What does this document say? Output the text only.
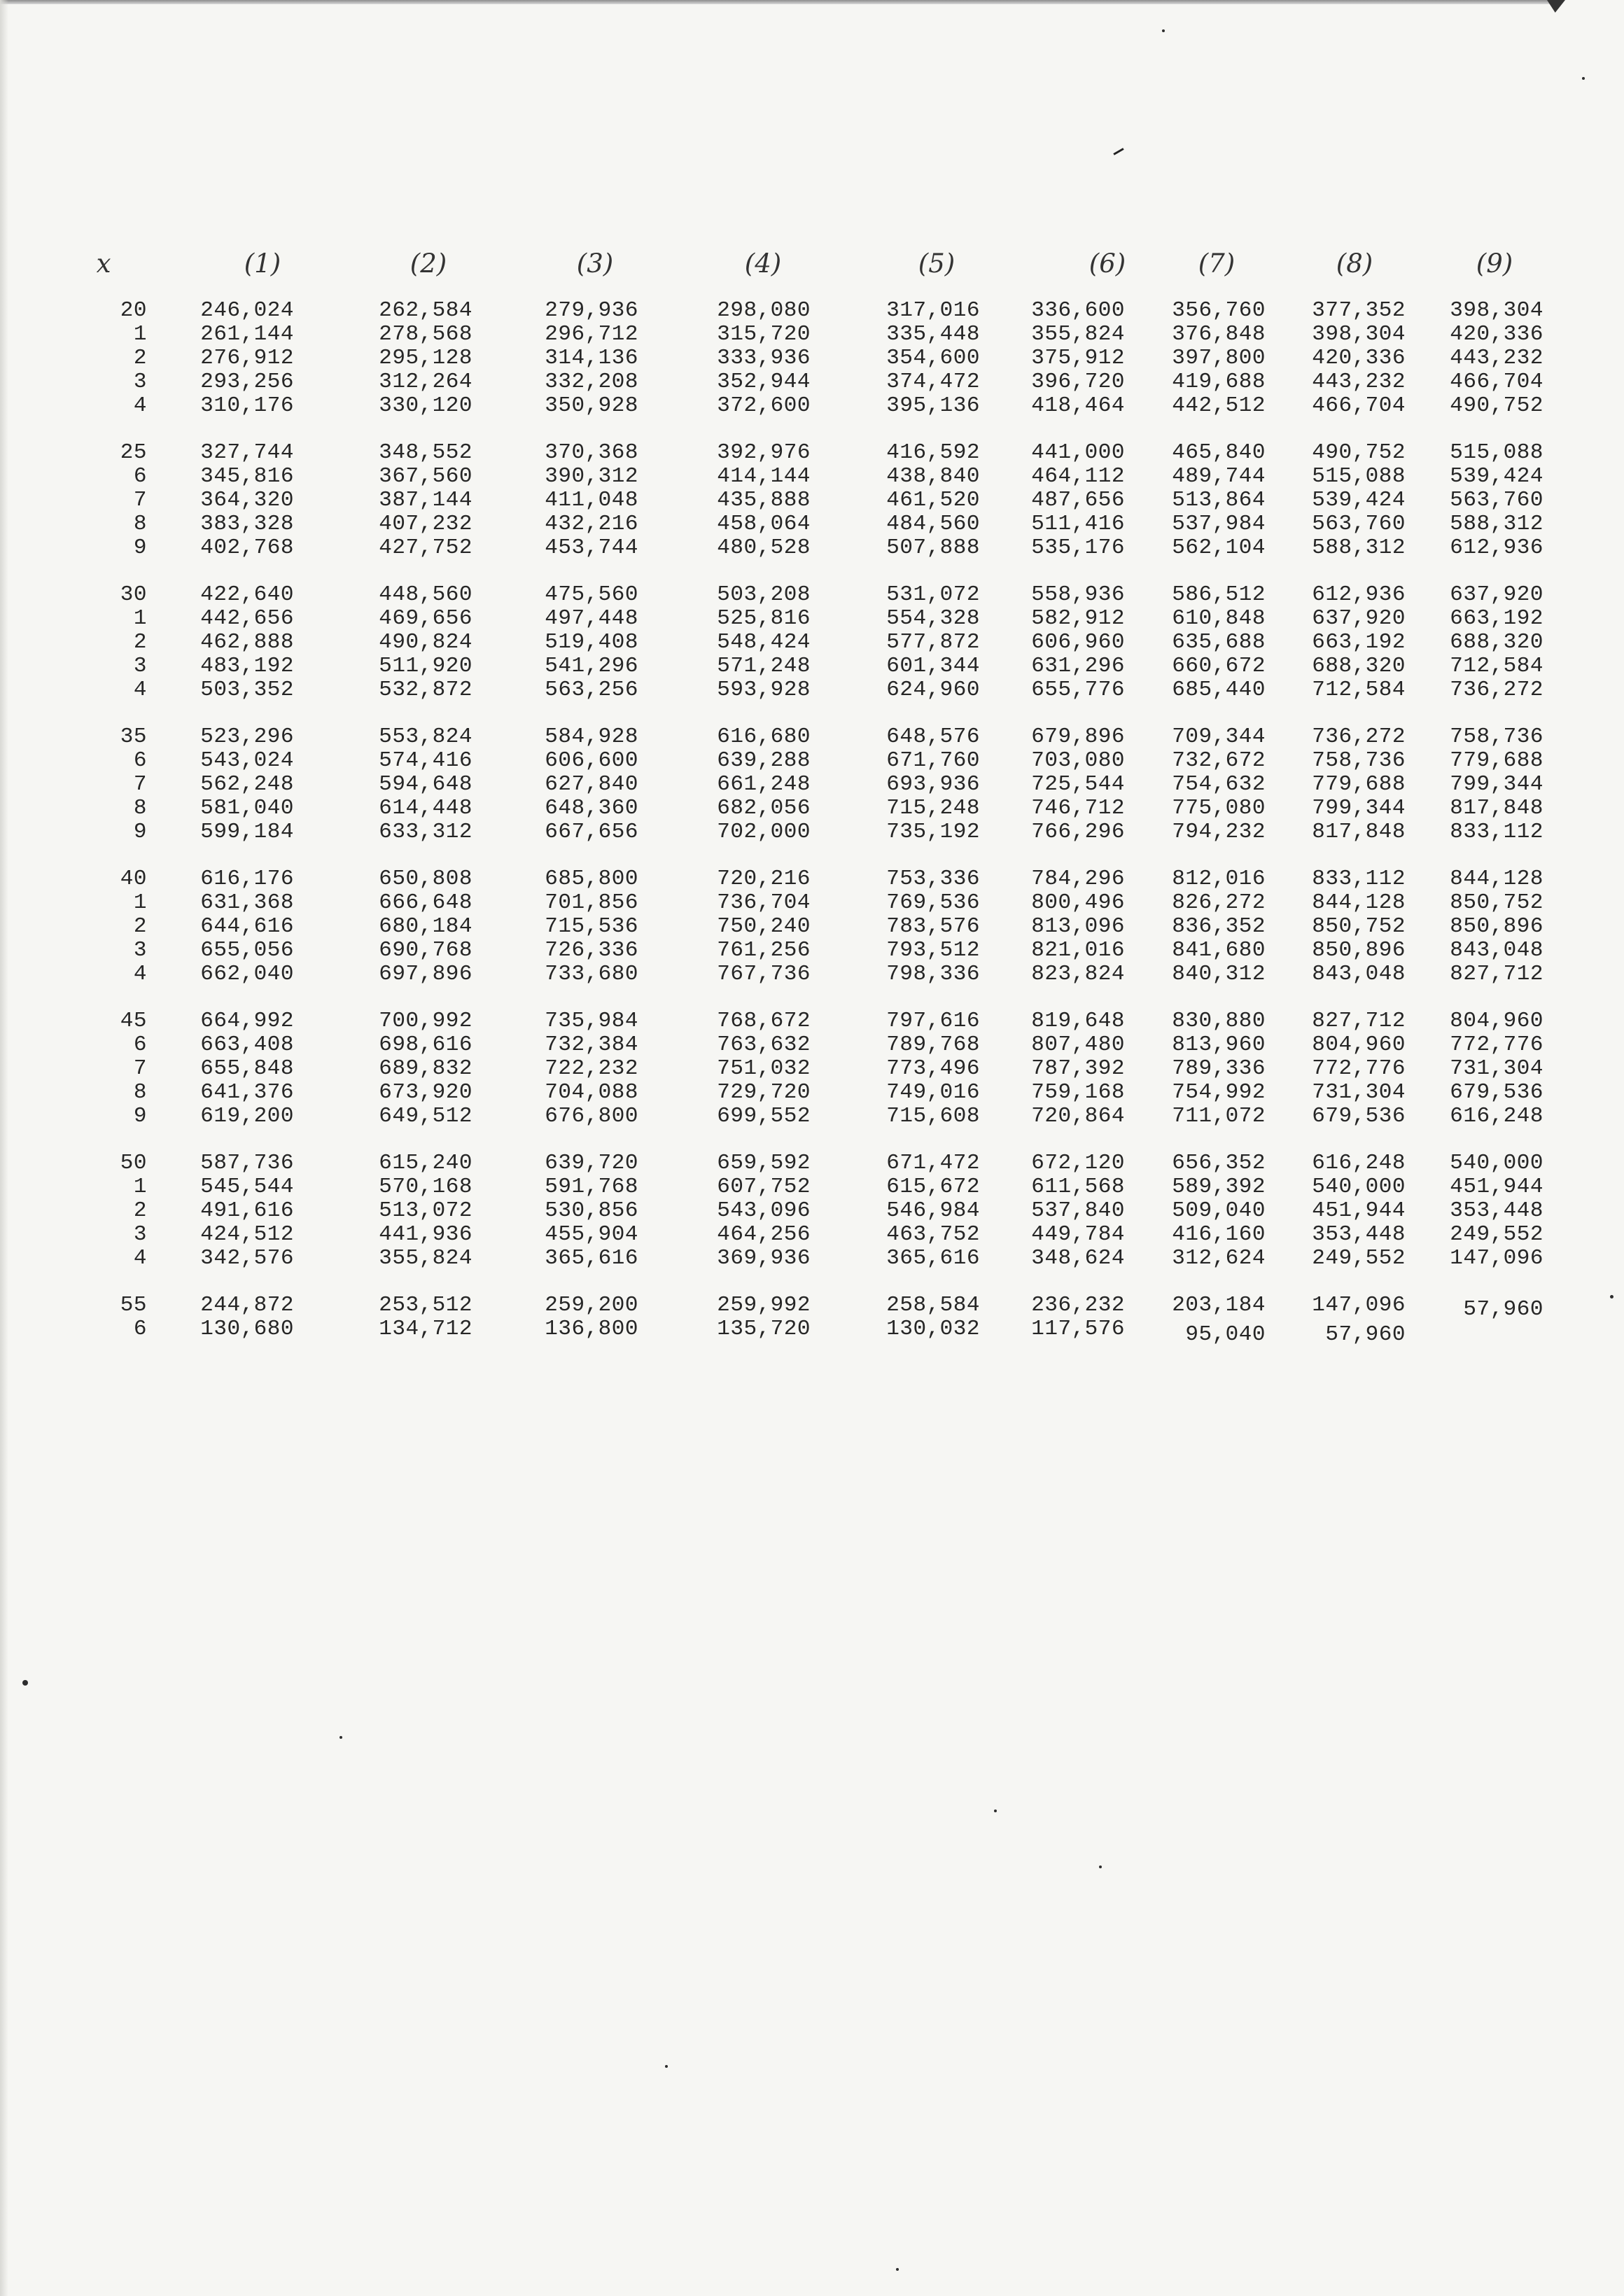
x	(1)	(2)	(3)	(4)	(5)	(6)	(7)	(8)	(9)
20	246,024	262,584	279,936	298,080	317,016	336,600	356,760	377,352	398,304
1	261,144	278,568	296,712	315,720	335,448	355,824	376,848	398,304	420,336
2	276,912	295,128	314,136	333,936	354,600	375,912	397,800	420,336	443,232
3	293,256	312,264	332,208	352,944	374,472	396,720	419,688	443,232	466,704
4	310,176	330,120	350,928	372,600	395,136	418,464	442,512	466,704	490,752
25	327,744	348,552	370,368	392,976	416,592	441,000	465,840	490,752	515,088
6	345,816	367,560	390,312	414,144	438,840	464,112	489,744	515,088	539,424
7	364,320	387,144	411,048	435,888	461,520	487,656	513,864	539,424	563,760
8	383,328	407,232	432,216	458,064	484,560	511,416	537,984	563,760	588,312
9	402,768	427,752	453,744	480,528	507,888	535,176	562,104	588,312	612,936
30	422,640	448,560	475,560	503,208	531,072	558,936	586,512	612,936	637,920
1	442,656	469,656	497,448	525,816	554,328	582,912	610,848	637,920	663,192
2	462,888	490,824	519,408	548,424	577,872	606,960	635,688	663,192	688,320
3	483,192	511,920	541,296	571,248	601,344	631,296	660,672	688,320	712,584
4	503,352	532,872	563,256	593,928	624,960	655,776	685,440	712,584	736,272
35	523,296	553,824	584,928	616,680	648,576	679,896	709,344	736,272	758,736
6	543,024	574,416	606,600	639,288	671,760	703,080	732,672	758,736	779,688
7	562,248	594,648	627,840	661,248	693,936	725,544	754,632	779,688	799,344
8	581,040	614,448	648,360	682,056	715,248	746,712	775,080	799,344	817,848
9	599,184	633,312	667,656	702,000	735,192	766,296	794,232	817,848	833,112
40	616,176	650,808	685,800	720,216	753,336	784,296	812,016	833,112	844,128
1	631,368	666,648	701,856	736,704	769,536	800,496	826,272	844,128	850,752
2	644,616	680,184	715,536	750,240	783,576	813,096	836,352	850,752	850,896
3	655,056	690,768	726,336	761,256	793,512	821,016	841,680	850,896	843,048
4	662,040	697,896	733,680	767,736	798,336	823,824	840,312	843,048	827,712
45	664,992	700,992	735,984	768,672	797,616	819,648	830,880	827,712	804,960
6	663,408	698,616	732,384	763,632	789,768	807,480	813,960	804,960	772,776
7	655,848	689,832	722,232	751,032	773,496	787,392	789,336	772,776	731,304
8	641,376	673,920	704,088	729,720	749,016	759,168	754,992	731,304	679,536
9	619,200	649,512	676,800	699,552	715,608	720,864	711,072	679,536	616,248
50	587,736	615,240	639,720	659,592	671,472	672,120	656,352	616,248	540,000
1	545,544	570,168	591,768	607,752	615,672	611,568	589,392	540,000	451,944
2	491,616	513,072	530,856	543,096	546,984	537,840	509,040	451,944	353,448
3	424,512	441,936	455,904	464,256	463,752	449,784	416,160	353,448	249,552
4	342,576	355,824	365,616	369,936	365,616	348,624	312,624	249,552	147,096
55	244,872	253,512	259,200	259,992	258,584	236,232	203,184	147,096	57,960
6	130,680	134,712	136,800	135,720	130,032	117,576	95,040	57,960
